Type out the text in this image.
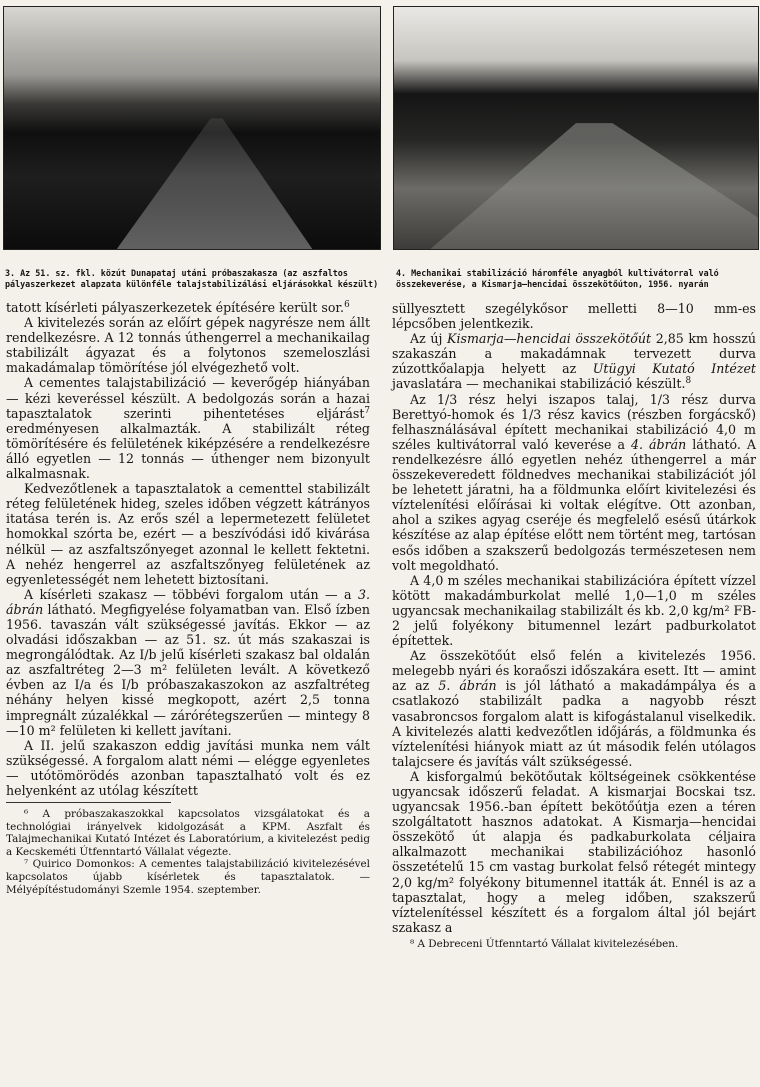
3. Az 51. sz. fkl. közút Dunapataj utáni próbaszakasza (az aszfaltos pályaszerkezet alapzata különféle talajstabilizálási eljárásokkal készült)

4. Mechanikai stabilizáció háromféle anyagból kultivátorral való összekeverése, a Kismarja—hencidai összekötőúton, 1956. nyarán

tatott kísérleti pályaszerkezetek építésére került sor.$^6$

A kivitelezés során az előírt gépek nagyrésze nem állt rendelkezésre. A 12 tonnás úthengerrel a mechanikailag stabilizált ágyazat és a folytonos szemeloszlási makadámalap tömörítése jól elvégezhető volt.

A cementes talajstabilizáció — keverőgép hiányában — kézi keveréssel készült. A bedolgozás során a hazai tapasztalatok szerinti pihentetéses eljárást$^7$ eredményesen alkalmazták. A stabilizált réteg tömörítésére és felületének kiképzésére a rendelkezésre álló egyetlen — 12 tonnás — úthenger nem bizonyult alkalmasnak.

Kedvezőtlenek a tapasztalatok a cementtel stabilizált réteg felületének hideg, szeles időben végzett kátrányos itatása terén is. Az erős szél a lepermetezett felületet homokkal szórta be, ezért — a beszívódási idő kivárása nélkül — az aszfaltszőnyeget azonnal le kellett fektetni. A nehéz hengerrel az aszfaltszőnyeg felületének az egyenletességét nem lehetett biztosítani.

A kísérleti szakasz — többévi forgalom után — a 3. ábrán látható. Megfigyelése folyamatban van. Első ízben 1956. tavaszán vált szükségessé javítás. Ekkor — az olvadási időszakban — az 51. sz. út más szakaszai is megrongálódtak. Az I/b jelű kísérleti szakasz bal oldalán az aszfaltréteg 2—3 m² felületen levált. A következő évben az I/a és I/b próbaszakaszokon az aszfaltréteg néhány helyen kissé megkopott, azért 2,5 tonna impregnált zúzalékkal — zárórétegszerűen — mintegy 8—10 m² felületen ki kellett javítani.

A II. jelű szakaszon eddig javítási munka nem vált szükségessé. A forgalom alatt némi — elégge egyenletes — utótömörödés azonban tapasztalható volt és ez helyenként az utólag készített

⁶ A próbaszakaszokkal kapcsolatos vizsgálatokat és a technológiai irányelvek kidolgozását a KPM. Aszfalt és Talajmechanikai Kutató Intézet és Laboratórium, a kivitelezést pedig a Kecskeméti Útfenntartó Vállalat végezte.

⁷ Quirico Domonkos: A cementes talajstabilizáció kivitelezésével kapcsolatos újabb kísérletek és tapasztalatok. — Mélyépítéstudományi Szemle 1954. szeptember.

süllyesztett szegélykősor melletti 8—10 mm-es lépcsőben jelentkezik.

Az új Kismarja—hencidai összekötőút 2,85 km hosszú szakaszán a makadámnak tervezett durva zúzottkőalapja helyett az Utügyi Kutató Intézet javaslatára — mechanikai stabilizáció készült.$^8$

Az 1/3 rész helyi iszapos talaj, 1/3 rész durva Berettyó-homok és 1/3 rész kavics (részben forgácskő) felhasználásával épített mechanikai stabilizáció 4,0 m széles kultivátorral való keverése a 4. ábrán látható. A rendelkezésre álló egyetlen nehéz úthengerrel a már összekeveredett földnedves mechanikai stabilizációt jól be lehetett járatni, ha a földmunka előírt kivitelezési és víztelenítési előírásai ki voltak elégítve. Ott azonban, ahol a szikes agyag cseréje és megfelelő esésű útárkok készítése az alap építése előtt nem történt meg, tartósan esős időben a szakszerű bedolgozás természetesen nem volt megoldható.

A 4,0 m széles mechanikai stabilizációra épített vízzel kötött makadámburkolat mellé 1,0—1,0 m széles ugyancsak mechanikailag stabilizált és kb. 2,0 kg/m² FB-2 jelű folyékony bitumennel lezárt padburkolatot építettek.

Az összekötőút első felén a kivitelezés 1956. melegebb nyári és koraőszi időszakára esett. Itt — amint az az 5. ábrán is jól látható a makadámpálya és a csatlakozó stabilizált padka a nagyobb részt vasabroncsos forgalom alatt is kifogástalanul viselkedik. A kivitelezés alatti kedvezőtlen időjárás, a földmunka és víztelenítési hiányok miatt az út második felén utólagos talajcsere és javítás vált szükségessé.

A kisforgalmú bekötőutak költségeinek csökkentése ugyancsak időszerű feladat. A kismarjai Bocskai tsz. ugyancsak 1956.-ban épített bekötőútja ezen a téren szolgáltatott hasznos adatokat. A Kismarja—hencidai összekötő út alapja és padkaburkolata céljaira alkalmazott mechanikai stabilizációhoz hasonló összetételű 15 cm vastag burkolat felső rétegét mintegy 2,0 kg/m² folyékony bitumennel itatták át. Ennél is az a tapasztalat, hogy a meleg időben, szakszerű víztelenítéssel készített és a forgalom által jól bejárt szakasz a

⁸ A Debreceni Útfenntartó Vállalat kivitelezésében.
